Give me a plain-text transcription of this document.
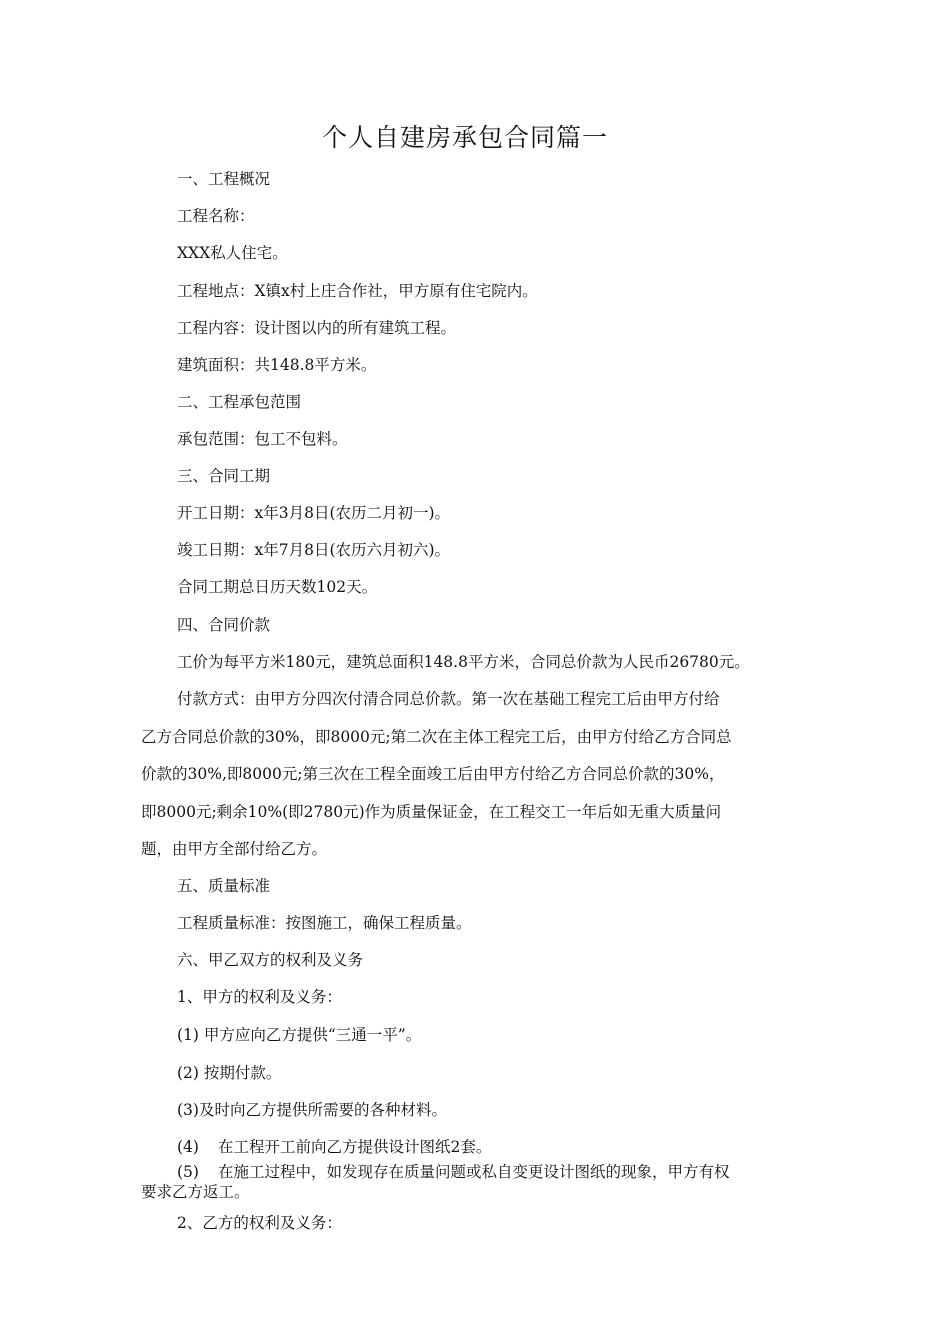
个人自建房承包合同篇一
一、工程概况
工程名称：
XXX私人住宅。
工程地点：X镇x村上庄合作社，甲方原有住宅院内。
工程内容：设计图以内的所有建筑工程。
建筑面积：共148.8平方米。
二、工程承包范围
承包范围：包工不包料。
三、合同工期
开工日期：x年3月8日(农历二月初一)。
竣工日期：x年7月8日(农历六月初六)。
合同工期总日历天数102天。
四、合同价款
工价为每平方米180元，建筑总面积148.8平方米，合同总价款为人民币26780元。
付款方式：由甲方分四次付清合同总价款。第一次在基础工程完工后由甲方付给
乙方合同总价款的30%，即8000元;第二次在主体工程完工后，由甲方付给乙方合同总
价款的30%,即8000元;第三次在工程全面竣工后由甲方付给乙方合同总价款的30%，
即8000元;剩余10%(即2780元)作为质量保证金，在工程交工一年后如无重大质量问
题，由甲方全部付给乙方。
五、质量标准
工程质量标准：按图施工，确保工程质量。
六、甲乙双方的权利及义务
1、甲方的权利及义务：
(1) 甲方应向乙方提供“三通一平”。
(2) 按期付款。
(3)及时向乙方提供所需要的各种材料。
(4) 在工程开工前向乙方提供设计图纸2套。
(5) 在施工过程中，如发现存在质量问题或私自变更设计图纸的现象，甲方有权
要求乙方返工。
2、乙方的权利及义务：
